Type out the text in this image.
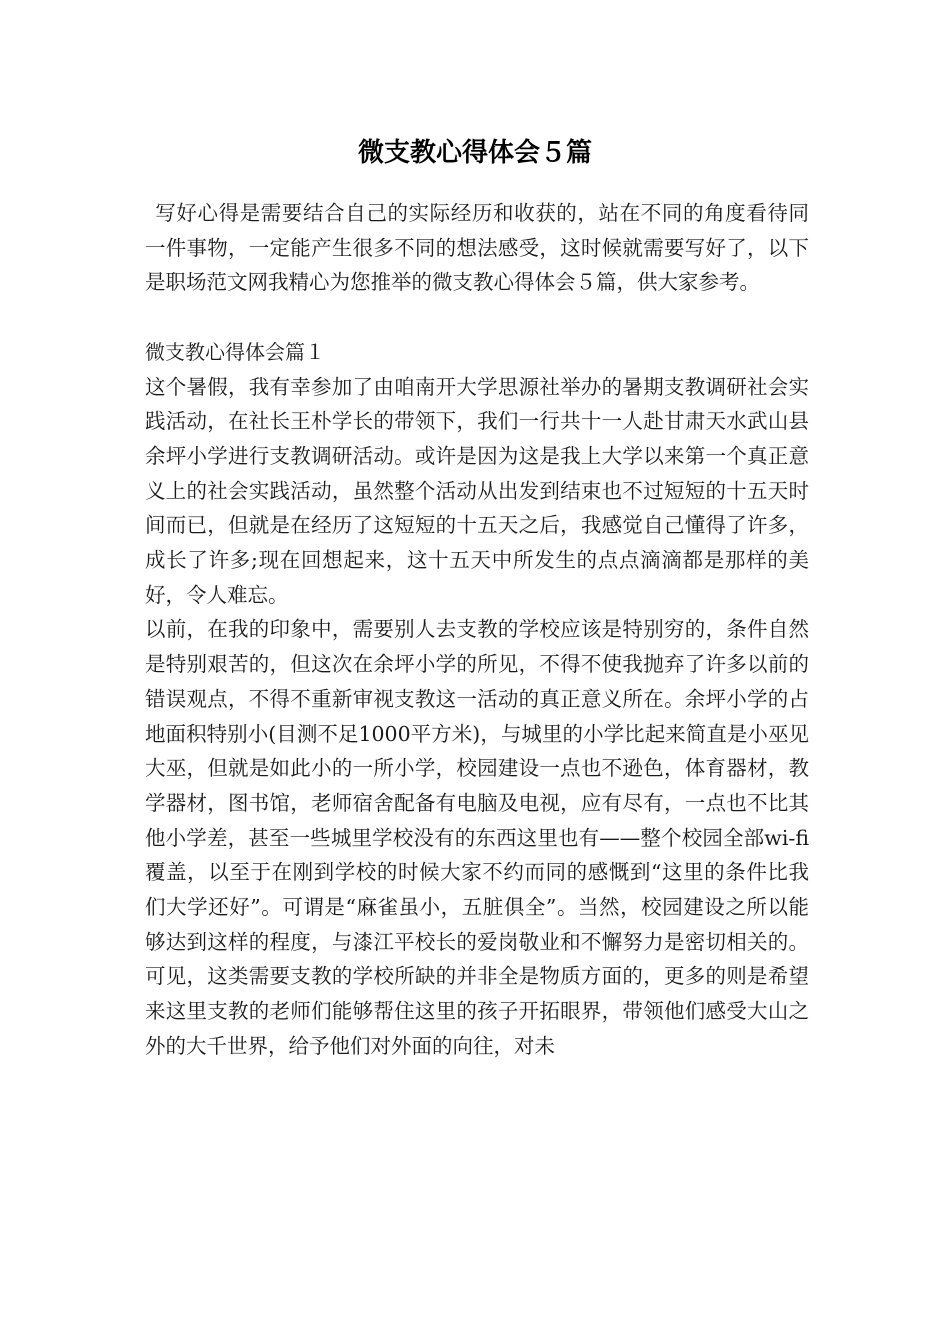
微支教心得体会５篇

写好心得是需要结合自己的实际经历和收获的，站在不同的角度看待同一件事物，一定能产生很多不同的想法感受，这时候就需要写好了，以下是职场范文网我精心为您推举的微支教心得体会５篇，供大家参考。

微支教心得体会篇１

这个暑假，我有幸参加了由咱南开大学思源社举办的暑期支教调研社会实践活动，在社长王朴学长的带领下，我们一行共十一人赴甘肃天水武山县余坪小学进行支教调研活动。或许是因为这是我上大学以来第一个真正意义上的社会实践活动，虽然整个活动从出发到结束也不过短短的十五天时间而已，但就是在经历了这短短的十五天之后，我感觉自己懂得了许多，成长了许多;现在回想起来，这十五天中所发生的点点滴滴都是那样的美好，令人难忘。

以前，在我的印象中，需要别人去支教的学校应该是特别穷的，条件自然是特别艰苦的，但这次在余坪小学的所见，不得不使我抛弃了许多以前的错误观点，不得不重新审视支教这一活动的真正意义所在。余坪小学的占地面积特别小(目测不足1000平方米)，与城里的小学比起来简直是小巫见大巫，但就是如此小的一所小学，校园建设一点也不逊色，体育器材，教学器材，图书馆，老师宿舍配备有电脑及电视，应有尽有，一点也不比其他小学差，甚至一些城里学校没有的东西这里也有——整个校园全部wi-fi覆盖，以至于在刚到学校的时候大家不约而同的感慨到“这里的条件比我们大学还好”。可谓是“麻雀虽小，五脏俱全”。当然，校园建设之所以能够达到这样的程度，与漆江平校长的爱岗敬业和不懈努力是密切相关的。可见，这类需要支教的学校所缺的并非全是物质方面的，更多的则是希望来这里支教的老师们能够帮住这里的孩子开拓眼界，带领他们感受大山之外的大千世界，给予他们对外面的向往，对未
